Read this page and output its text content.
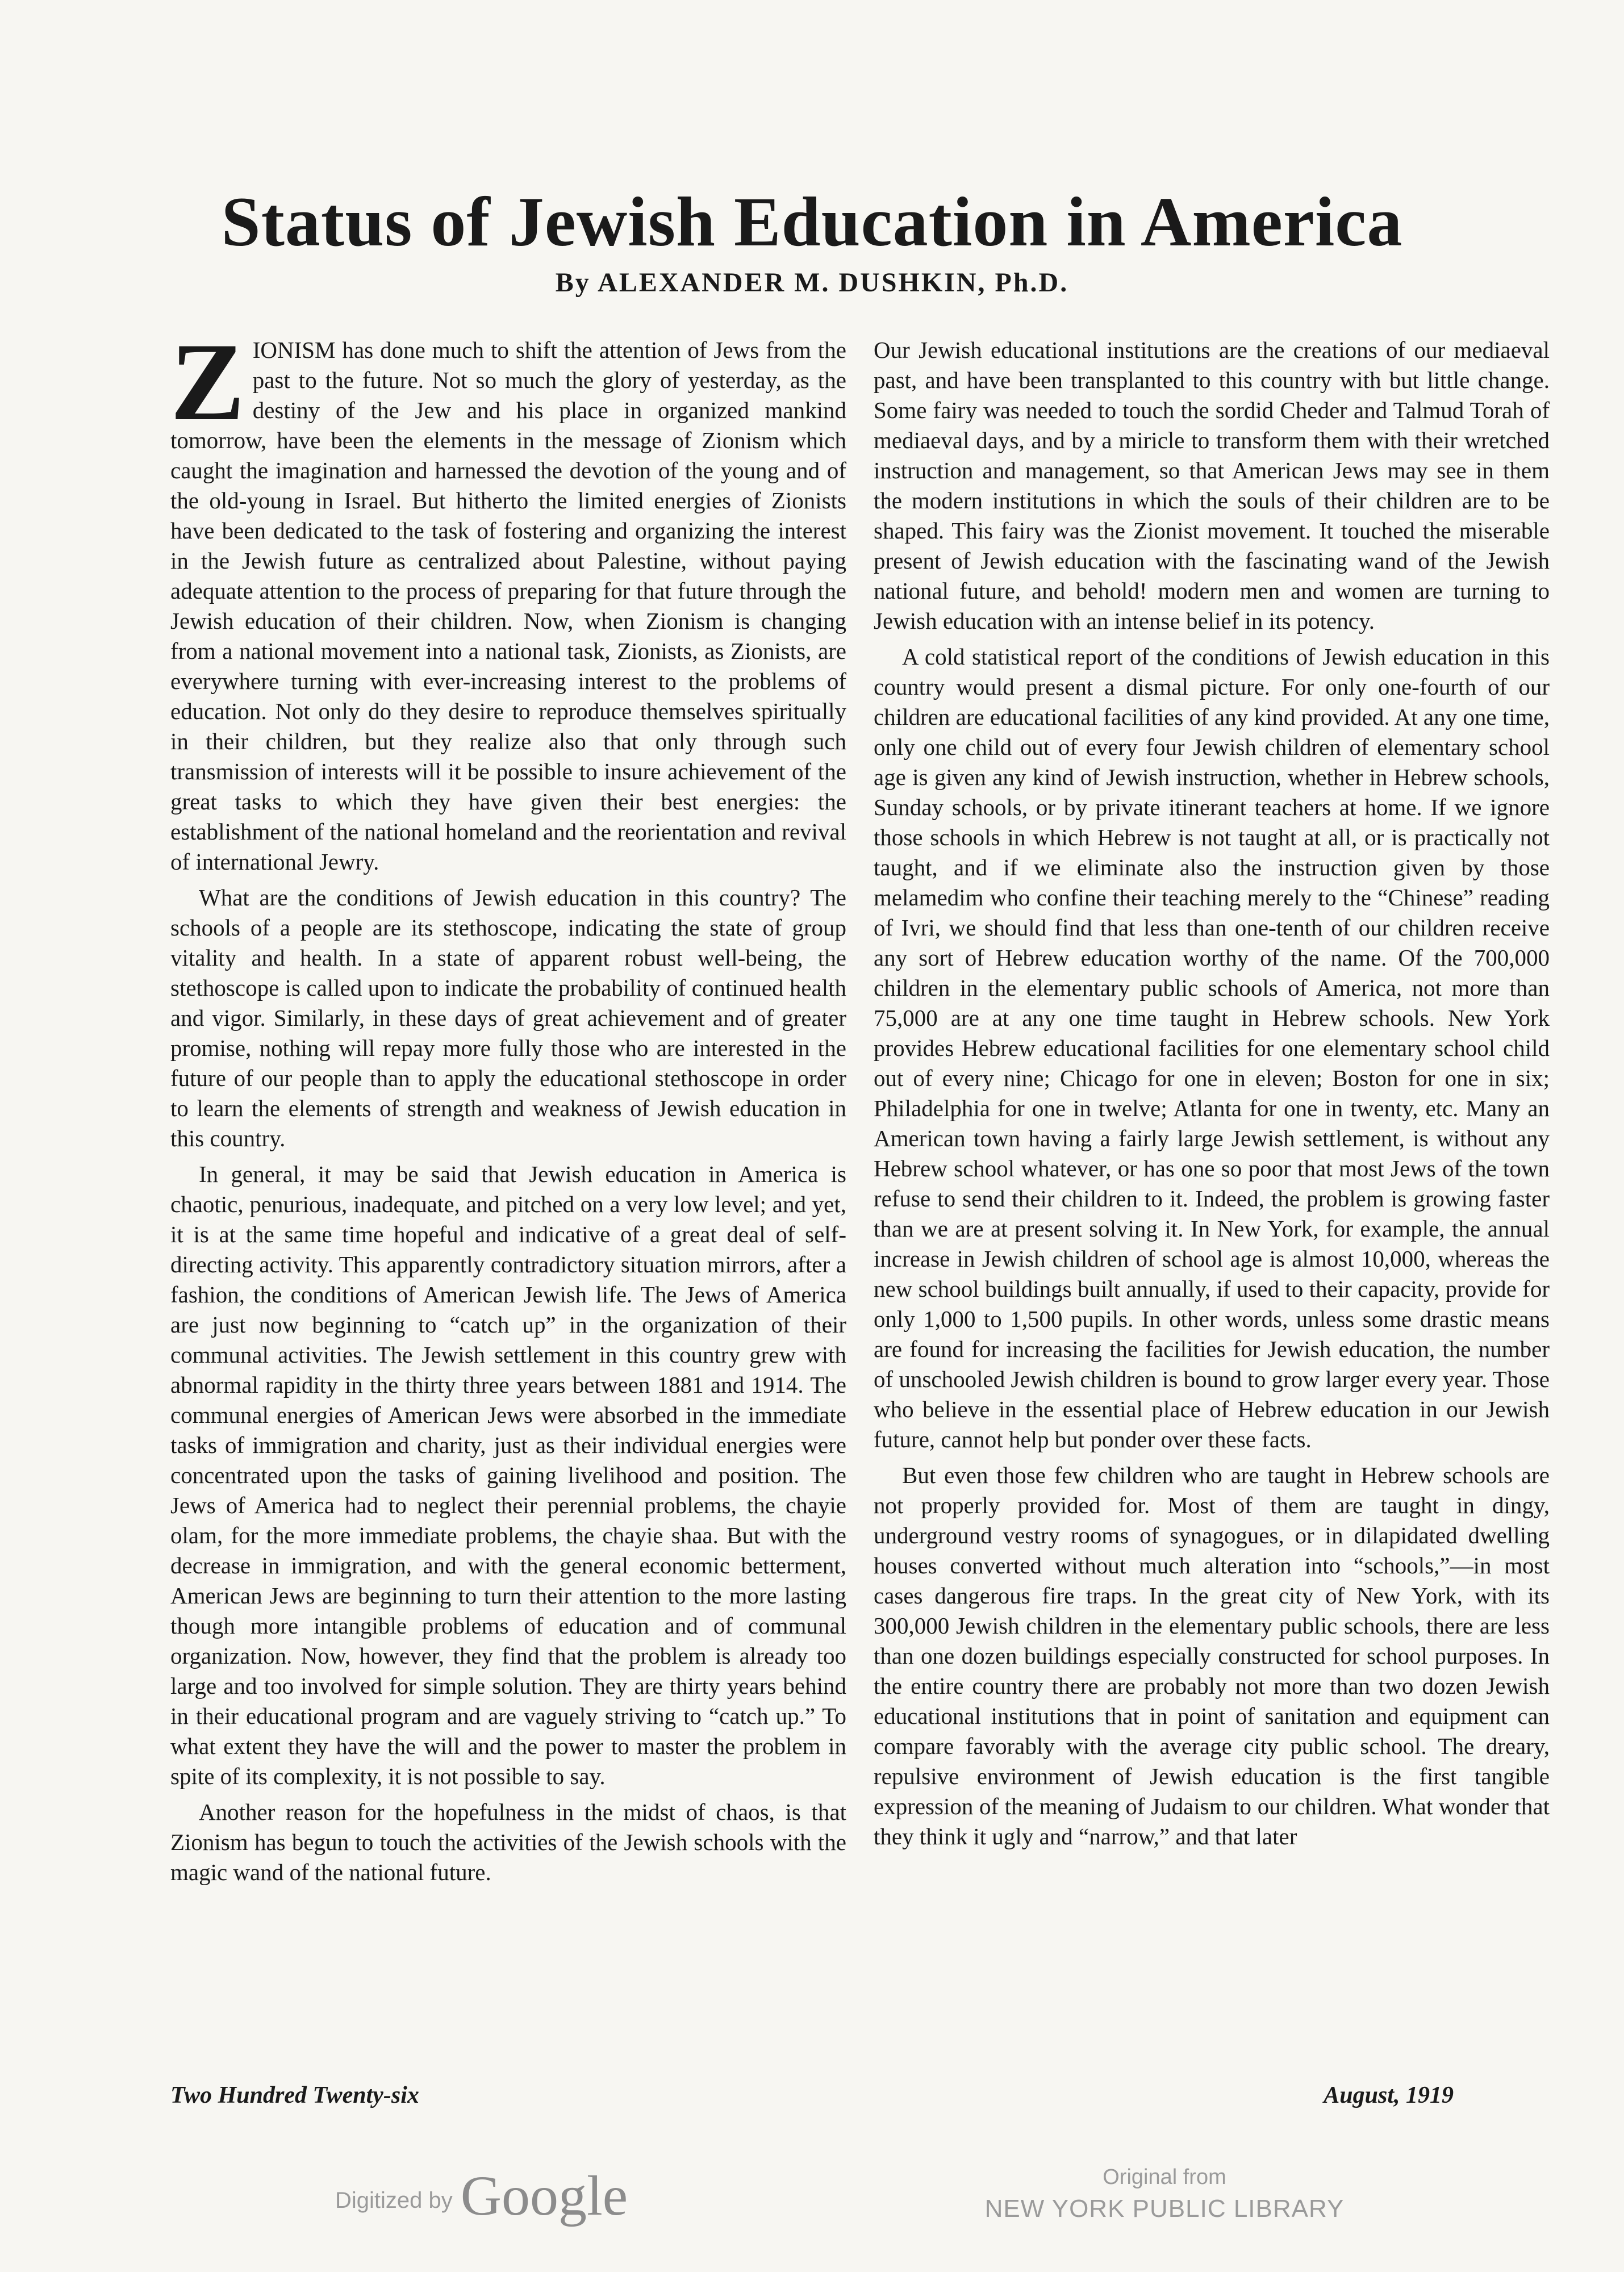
Status of Jewish Education in America
By ALEXANDER M. DUSHKIN, Ph.D.

ZIONISM has done much to shift the attention of Jews from the past to the future. Not so much the glory of yesterday, as the destiny of the Jew and his place in organized mankind tomorrow, have been the elements in the message of Zionism which caught the imagination and harnessed the devotion of the young and of the old-young in Israel. But hitherto the limited energies of Zionists have been dedicated to the task of fostering and organizing the interest in the Jewish future as centralized about Palestine, without paying adequate attention to the process of preparing for that future through the Jewish education of their children. Now, when Zionism is changing from a national movement into a national task, Zionists, as Zionists, are everywhere turning with ever-increasing interest to the problems of education. Not only do they desire to reproduce themselves spiritually in their children, but they realize also that only through such transmission of interests will it be possible to insure achievement of the great tasks to which they have given their best energies: the establishment of the national homeland and the reorientation and revival of international Jewry.

What are the conditions of Jewish education in this country? The schools of a people are its stethoscope, indicating the state of group vitality and health. In a state of apparent robust well-being, the stethoscope is called upon to indicate the probability of continued health and vigor. Similarly, in these days of great achievement and of greater promise, nothing will repay more fully those who are interested in the future of our people than to apply the educational stethoscope in order to learn the elements of strength and weakness of Jewish education in this country.

In general, it may be said that Jewish education in America is chaotic, penurious, inadequate, and pitched on a very low level; and yet, it is at the same time hopeful and indicative of a great deal of self-directing activity. This apparently contradictory situation mirrors, after a fashion, the conditions of American Jewish life. The Jews of America are just now beginning to “catch up” in the organization of their communal activities. The Jewish settlement in this country grew with abnormal rapidity in the thirty three years between 1881 and 1914. The communal energies of American Jews were absorbed in the immediate tasks of immigration and charity, just as their individual energies were concentrated upon the tasks of gaining livelihood and position. The Jews of America had to neglect their perennial problems, the chayie olam, for the more immediate problems, the chayie shaa. But with the decrease in immigration, and with the general economic betterment, American Jews are beginning to turn their attention to the more lasting though more intangible problems of education and of communal organization. Now, however, they find that the problem is already too large and too involved for simple solution. They are thirty years behind in their educational program and are vaguely striving to “catch up.” To what extent they have the will and the power to master the problem in spite of its complexity, it is not possible to say.

Another reason for the hopefulness in the midst of chaos, is that Zionism has begun to touch the activities of the Jewish schools with the magic wand of the national future.

Our Jewish educational institutions are the creations of our mediaeval past, and have been transplanted to this country with but little change. Some fairy was needed to touch the sordid Cheder and Talmud Torah of mediaeval days, and by a miricle to transform them with their wretched instruction and management, so that American Jews may see in them the modern institutions in which the souls of their children are to be shaped. This fairy was the Zionist movement. It touched the miserable present of Jewish education with the fascinating wand of the Jewish national future, and behold! modern men and women are turning to Jewish education with an intense belief in its potency.

A cold statistical report of the conditions of Jewish education in this country would present a dismal picture. For only one-fourth of our children are educational facilities of any kind provided. At any one time, only one child out of every four Jewish children of elementary school age is given any kind of Jewish instruction, whether in Hebrew schools, Sunday schools, or by private itinerant teachers at home. If we ignore those schools in which Hebrew is not taught at all, or is practically not taught, and if we eliminate also the instruction given by those melamedim who confine their teaching merely to the “Chinese” reading of Ivri, we should find that less than one-tenth of our children receive any sort of Hebrew education worthy of the name. Of the 700,000 children in the elementary public schools of America, not more than 75,000 are at any one time taught in Hebrew schools. New York provides Hebrew educational facilities for one elementary school child out of every nine; Chicago for one in eleven; Boston for one in six; Philadelphia for one in twelve; Atlanta for one in twenty, etc. Many an American town having a fairly large Jewish settlement, is without any Hebrew school whatever, or has one so poor that most Jews of the town refuse to send their children to it. Indeed, the problem is growing faster than we are at present solving it. In New York, for example, the annual increase in Jewish children of school age is almost 10,000, whereas the new school buildings built annually, if used to their capacity, provide for only 1,000 to 1,500 pupils. In other words, unless some drastic means are found for increasing the facilities for Jewish education, the number of unschooled Jewish children is bound to grow larger every year. Those who believe in the essential place of Hebrew education in our Jewish future, cannot help but ponder over these facts.

But even those few children who are taught in Hebrew schools are not properly provided for. Most of them are taught in dingy, underground vestry rooms of synagogues, or in dilapidated dwelling houses converted without much alteration into “schools,”—in most cases dangerous fire traps. In the great city of New York, with its 300,000 Jewish children in the elementary public schools, there are less than one dozen buildings especially constructed for school purposes. In the entire country there are probably not more than two dozen Jewish educational institutions that in point of sanitation and equipment can compare favorably with the average city public school. The dreary, repulsive environment of Jewish education is the first tangible expression of the meaning of Judaism to our children. What wonder that they think it ugly and “narrow,” and that later

Two Hundred Twenty-six	August, 1919
Digitized by Google	Original from
NEW YORK PUBLIC LIBRARY
